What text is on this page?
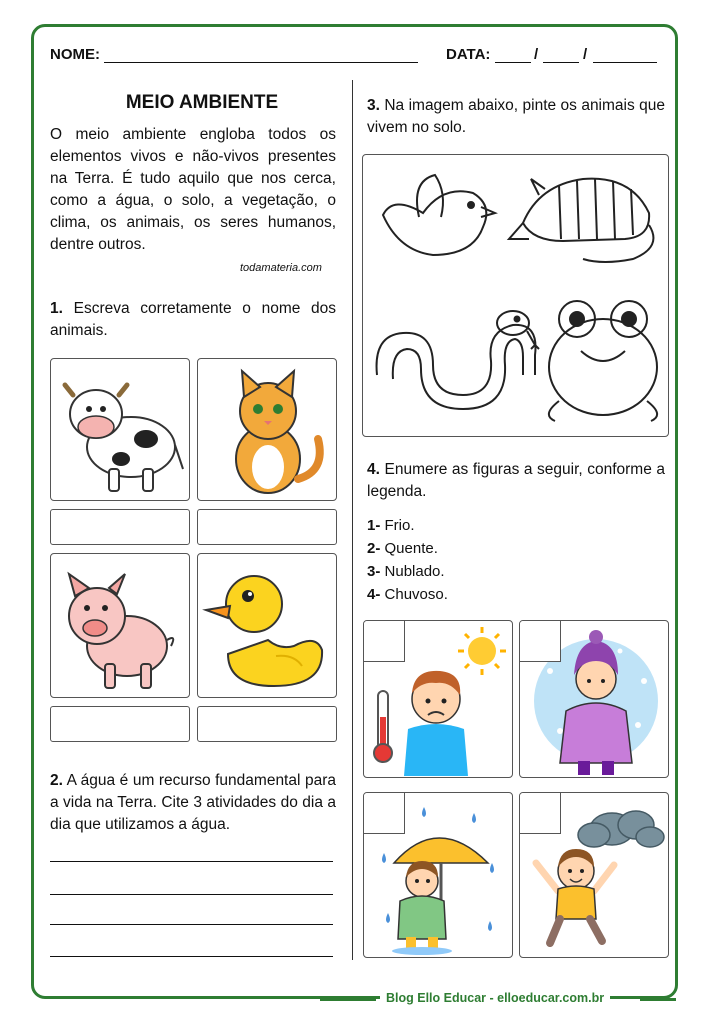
NOME:	DATA:	/	/
MEIO AMBIENTE
O meio ambiente engloba todos os elementos vivos e não-vivos presentes na Terra. É tudo aquilo que nos cerca, como a água, o solo, a vegetação, o clima, os animais, os seres humanos, dentre outros.
todamateria.com
1. Escreva corretamente o nome dos animais.
2. A água é um recurso fundamental para a vida na Terra. Cite 3 atividades do dia a dia que utilizamos a água.
3. Na imagem abaixo, pinte os animais que vivem no solo.
4. Enumere as figuras a seguir, conforme a legenda.
1- Frio.
2- Quente.
3- Nublado.
4- Chuvoso.
Blog Ello Educar - elloeducar.com.br
